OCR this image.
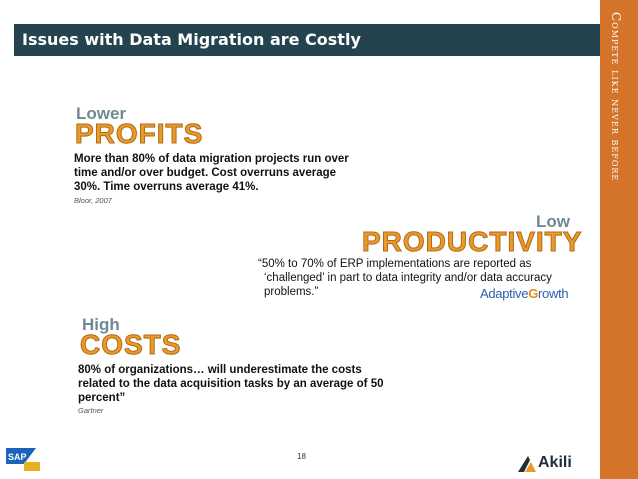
Issues with Data Migration are Costly	Compete like never before
Lower
PROFITS
More than 80% of data migration projects run over
time and/or over budget. Cost overruns average
30%. Time overruns average 41%.
Bloor, 2007
Low
PRODUCTIVITY
“50% to 70% of ERP implementations are reported as
‘challenged’ in part to data integrity and/or data accuracy
problems.”	AdaptiveGrowth
High
COSTS
80% of organizations… will underestimate the costs
related to the data acquisition tasks by an average of 50
percent”
Gartner
18
SAP	Akili
